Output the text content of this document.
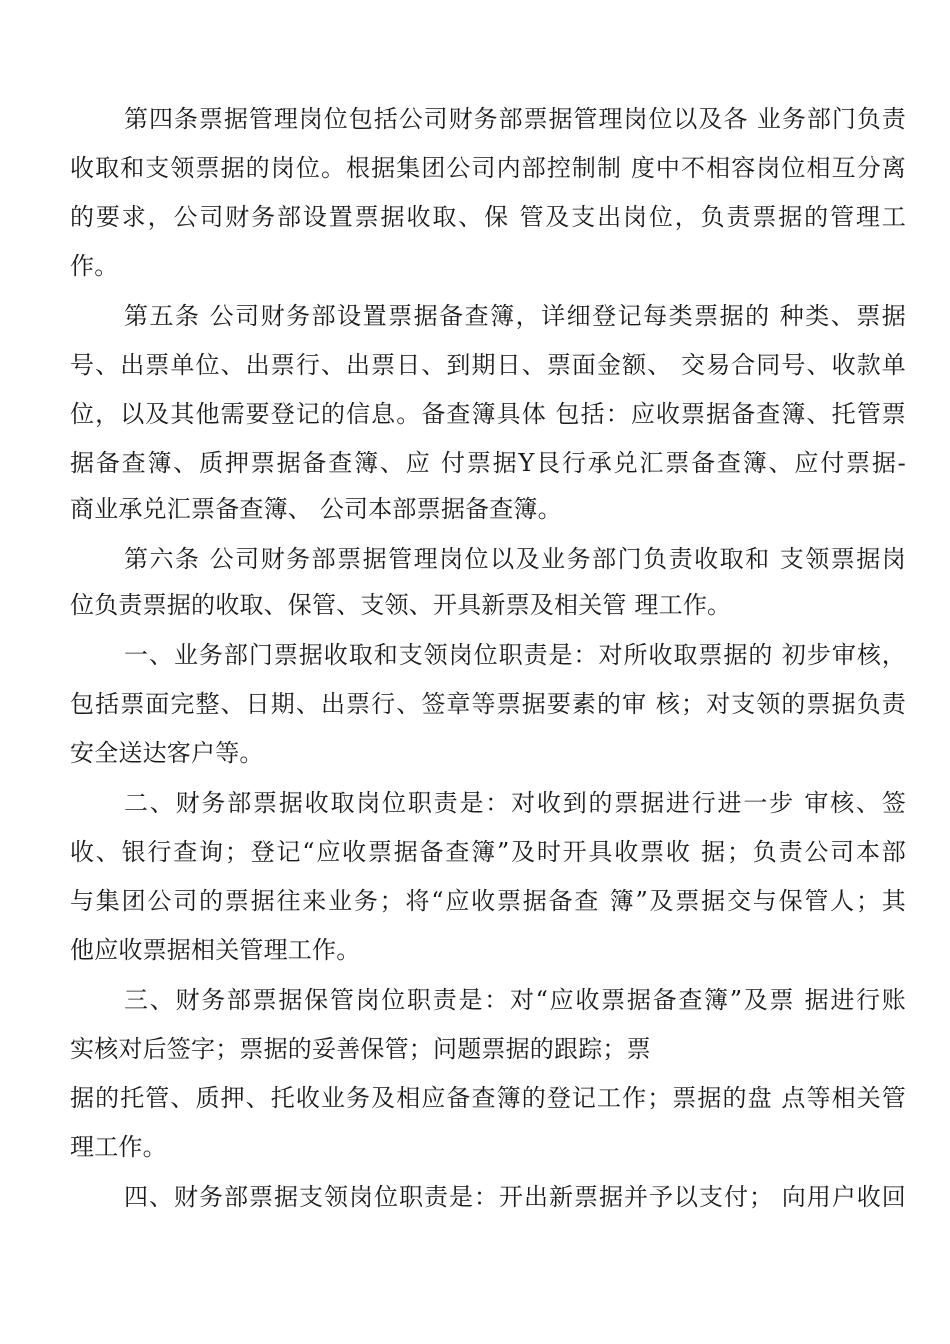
第四条票据管理岗位包括公司财务部票据管理岗位以及各 业务部门负责
收取和支领票据的岗位。根据集团公司内部控制制 度中不相容岗位相互分离
的要求，公司财务部设置票据收取、保 管及支出岗位，负责票据的管理工
作。
第五条 公司财务部设置票据备查簿，详细登记每类票据的 种类、票据
号、出票单位、出票行、出票日、到期日、票面金额、 交易合同号、收款单
位，以及其他需要登记的信息。备查簿具体 包括：应收票据备查簿、托管票
据备查簿、质押票据备查簿、应 付票据Y艮行承兑汇票备查簿、应付票据-
商业承兑汇票备查簿、 公司本部票据备查簿。
第六条 公司财务部票据管理岗位以及业务部门负责收取和 支领票据岗
位负责票据的收取、保管、支领、开具新票及相关管 理工作。
一、业务部门票据收取和支领岗位职责是：对所收取票据的 初步审核，
包括票面完整、日期、出票行、签章等票据要素的审 核；对支领的票据负责
安全送达客户等。
二、财务部票据收取岗位职责是：对收到的票据进行进一步 审核、签
收、银行查询；登记“应收票据备查簿”及时开具收票收 据；负责公司本部
与集团公司的票据往来业务；将“应收票据备查 簿”及票据交与保管人；其
他应收票据相关管理工作。
三、财务部票据保管岗位职责是：对“应收票据备查簿”及票 据进行账
实核对后签字；票据的妥善保管；问题票据的跟踪；票
据的托管、质押、托收业务及相应备查簿的登记工作；票据的盘 点等相关管
理工作。
四、财务部票据支领岗位职责是：开出新票据并予以支付； 向用户收回
